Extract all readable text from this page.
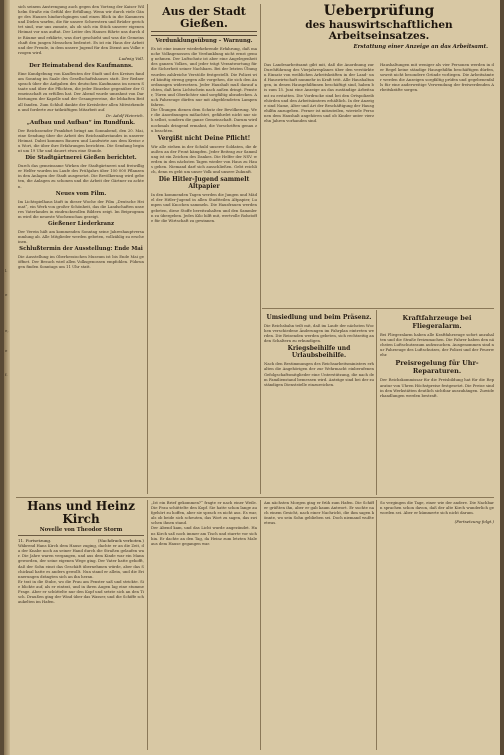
l.
e
e,
e
f.
sich seinem Anstrengung auch gegen den Vortrag der Kaiser Wilhelm Straße ein Gefühl der Erfüllung. Wenn wir durch viele Gänge des Hauses hindurchgingen und einen Blick in die Kammern und Dielen warfen, die für unsere Schwestern und Brüder gerichtet sind, war uns zumute, als ob sich ein Stück unserer eigenen Heimat vor uns auftat. Der Leiter des Hauses führte uns durch die Räume und erklärte, was dort geschieht und was die Gemeinschaft den jungen Menschen bedeutet. Es ist ein Haus der Arbeit und der Freude, in dem unsere Jugend für den Dienst am Volke erzogen wird.
Ludwig Voll.
Der Heimatabend des Kaufmanns.
Eine Kundgebung von Kaufleuten der Stadt und des Kreises fand am Sonntag im Saale des Gesellschaftshauses statt. Der Redner sprach über die Aufgaben des deutschen Kaufmanns im neuen Staate und über die Pflichten, die jeder Einzelne gegenüber der Gemeinschaft zu erfüllen hat. Der Abend wurde umrahmt von Darbietungen der Kapelle und der Gesangvereine, die lebhaften Beifall fanden. Zum Schluß dankte der Kreisleiter allen Mitwirkenden und forderte zur tatkräftigen Mitarbeit auf.
Dr. Adolf Heinrich.
„Aufbau und Aufbau“ im Rundfunk.
Der Reichssender Frankfurt bringt am Sonnabend, den 20. Mai, eine Sendung über die Arbeit des Reichsnährstandes in unserer Heimat. Dabei kommen Bauern und Landwirte aus dem Kreise zu Wort, die über ihre Erfahrungen berichten. Die Sendung beginnt um 19 Uhr und dauert etwa eine Stunde.
Die Stadtgärtnerei Gießen berichtet.
Durch das gemeinsame Wirken der Stadtgärtnerei und freiwilliger Helfer wurden im Laufe des Frühjahrs über 100 000 Pflanzen in den Anlagen der Stadt ausgesetzt. Die Bevölkerung wird gebeten, die Anlagen zu schonen und die Arbeit der Gärtner zu achten.
Neues vom Film.
Im Lichtspielhaus läuft in dieser Woche der Film „Deutsche Heimat“, ein Werk von großer Schönheit, das die Landschaften unseres Vaterlandes in eindrucksvollen Bildern zeigt. Im Beiprogramm wird die neueste Wochenschau gezeigt.
Gießener Liederkranz
Der Verein hält am kommenden Sonntag seine Jahreshauptversammlung ab. Alle Mitglieder werden gebeten, vollzählig zu erscheinen.
Schlußtermin der Ausstellung: Ende Mai
Die Ausstellung im Oberhessischen Museum ist bis Ende Mai geöffnet. Der Besuch wird allen Volksgenossen empfohlen. Führungen finden Sonntags um 11 Uhr statt.
Aus der Stadt Gießen.
Verdunklungsübung – Warnung.
Es ist eine immer wiederkehrende Erfahrung, daß manche Volksgenossen die Verdunklung nicht ernst genug nehmen. Der Luftschutz ist aber eine Angelegenheit des ganzen Volkes, und jeder trägt Verantwortung für die Sicherheit seiner Nachbarn. Bei der letzten Übung wurden zahlreiche Verstöße festgestellt. Die Polizei wird künftig streng gegen alle vorgehen, die sich den Anordnungen widersetzen. Jeder Haushalt muß darauf achten, daß kein Lichtschein nach außen dringt. Fenster, Türen und Oberlichter sind sorgfältig abzudecken. Auch Fahrzeuge dürfen nur mit abgeblendeten Lampen fahren.
Die Übungen dienen dem Schutz der Bevölkerung. Wer die Anordnungen mißachtet, gefährdet nicht nur sich selbst, sondern die ganze Gemeinschaft. Darum wird nochmals dringend ermahnt, die Vorschriften genau zu beachten.
Vergißt nicht Deine Pflicht!
Wir alle stehen in der Schuld unserer Soldaten, die draußen an der Front kämpfen. Jeder Beitrag zur Sammlung ist ein Zeichen des Dankes. Die Helfer der NSV. werden in den nächsten Tagen wieder von Haus zu Haus gehen. Niemand darf sich ausschließen. Gebt reichlich, denn es geht um unser Volk und unsere Zukunft.
Die Hitler-Jugend sammelt Altpapier
In den kommenden Tagen werden die Jungen und Mädel der Hitler-Jugend in allen Stadtteilen Altpapier, Lumpen und Knochen sammeln. Die Hausfrauen werden gebeten, diese Stoffe bereitzuhalten und den Sammlern zu übergeben. Jedes Kilo hilft mit, wertvolle Rohstoffe für die Wirtschaft zu gewinnen.
Ueberprüfung
des hauswirtschaftlichen Arbeitseinsatzes.
Erstattung einer Anzeige an das Arbeitsamt.
Das Landesarbeitsamt gibt mit, daß die Anordnung zur Durchführung des Vierjahresplanes über den verstärkten Einsatz von weiblichen Arbeitskräften in der Land- und Hauswirtschaft nunmehr in Kraft tritt. Alle Haushaltungen, in denen Hausgehilfinnen beschäftigt sind, haben bis zum 15. Juni eine Anzeige an das zuständige Arbeitsamt zu erstatten. Die Vordrucke sind bei den Ortspolizeibehörden und den Arbeitsämtern erhältlich. In der Anzeige sind Name, Alter und Art der Beschäftigung der Hausgehilfin anzugeben. Ferner ist mitzuteilen, wieviele Personen dem Haushalt angehören und ob Kinder unter vierzehn Jahren vorhanden sind.
Haushaltungen mit weniger als vier Personen werden in der Regel keine ständige Hausgehilfin beschäftigen dürfen, soweit nicht besondere Gründe vorliegen. Die Arbeitsämter werden die Anzeigen sorgfältig prüfen und gegebenenfalls für eine anderweitige Verwendung der freiwerdenden Arbeitskräfte sorgen.
Umsiedlung und beim Präsenz.
Die Reichsbahn teilt mit, daß im Laufe der nächsten Wochen verschiedene Änderungen im Fahrplan eintreten werden. Die Reisenden werden gebeten, sich rechtzeitig an den Schaltern zu erkundigen.
Kriegsbeihilfe und Urlaubsbeihilfe.
Nach den Bestimmungen des Reichsarbeitsministers erhalten die Angehörigen der zur Wehrmacht einberufenen Gefolgschaftsmitglieder eine Unterstützung, die nach dem Familienstand bemessen wird. Anträge sind bei der zuständigen Dienststelle einzureichen.
Kraftfahrzeuge bei Fliegeralarm.
Bei Fliegeralarm haben alle Kraftfahrzeuge sofort anzuhalten und die Straße freizumachen. Die Fahrer haben den nächsten Luftschutzraum aufzusuchen. Ausgenommen sind nur Fahrzeuge des Luftschutzes, der Polizei und der Feuerwehr.
Preisregelung für Uhr-Reparaturen.
Der Reichskommissar für die Preisbildung hat für die Reparatur von Uhren Höchstpreise festgesetzt. Die Preise sind in den Werkstätten deutlich sichtbar auszuhängen. Zuwiderhandlungen werden bestraft.
Hans und Heinz Kirch
Novelle von Theodor Storm
11. Fortsetzung.	(Nachdruck verboten.)
Während Hans Kirch dem Hause zuging, dachte er an die Zeit, da der Knabe noch an seiner Hand durch die Straßen gelaufen war. Die Jahre waren vergangen, und aus dem Kinde war ein Mann geworden, der seine eigenen Wege ging. Der Vater hatte gehofft, daß der Sohn einst das Geschäft übernehmen würde, aber das Schicksal hatte es anders gewollt. Nun stand er allein, und die Erinnerungen drängten sich an ihn heran.
Er trat in die Stube, wo die Frau am Fenster saß und strickte. Sie blickte auf, als er eintrat, und in ihren Augen lag eine stumme Frage. Aber er schüttelte nur den Kopf und setzte sich an den Tisch. Draußen ging der Wind über das Wasser, und die Schiffe schaukelten im Hafen.
„Ist ein Brief gekommen?“ fragte er nach einer Weile. Die Frau schüttelte den Kopf. Sie hatte schon lange aufgehört zu hoffen, aber sie sprach es nicht aus. Es war, als ob beide sich scheuten, das Wort zu sagen, das zwischen ihnen stand.
Der Abend kam, und das Licht wurde angezündet. Hans Kirch saß noch immer am Tisch und starrte vor sich hin. Er dachte an den Tag, da Heinz zum letzten Male aus dem Hause gegangen war.
Am nächsten Morgen ging er früh zum Hafen. Die Schiffer grüßten ihn, aber er gab kaum Antwort. Er suchte nach einem Gesicht, nach einer Nachricht, die ihm sagen könnte, wo sein Sohn geblieben sei. Doch niemand wußte etwas.
So vergingen die Tage, einer wie der andere. Die Nachbarn sprachen schon davon, daß der alte Kirch wunderlich geworden sei. Aber er kümmerte sich nicht darum.
(Fortsetzung folgt.)
